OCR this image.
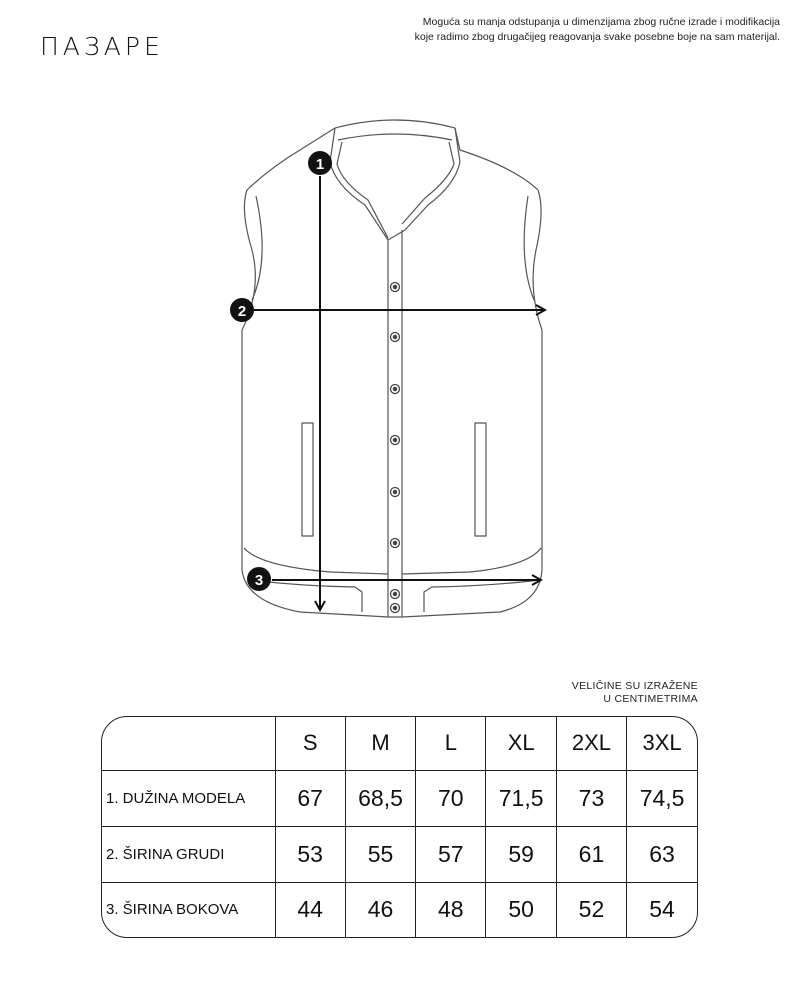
ПАЗАРЕ
Moguća su manja odstupanja u dimenzijama zbog ručne izrade i modifikacija
koje radimo zbog drugačijeg reagovanja svake posebne boje na sam materijal.
1
2
3
VELIČINE SU IZRAŽENE
U CENTIMETRIMA
	S	M	L	XL	2XL	3XL
1. DUŽINA MODELA	67	68,5	70	71,5	73	74,5
2. ŠIRINA GRUDI	53	55	57	59	61	63
3. ŠIRINA BOKOVA	44	46	48	50	52	54
